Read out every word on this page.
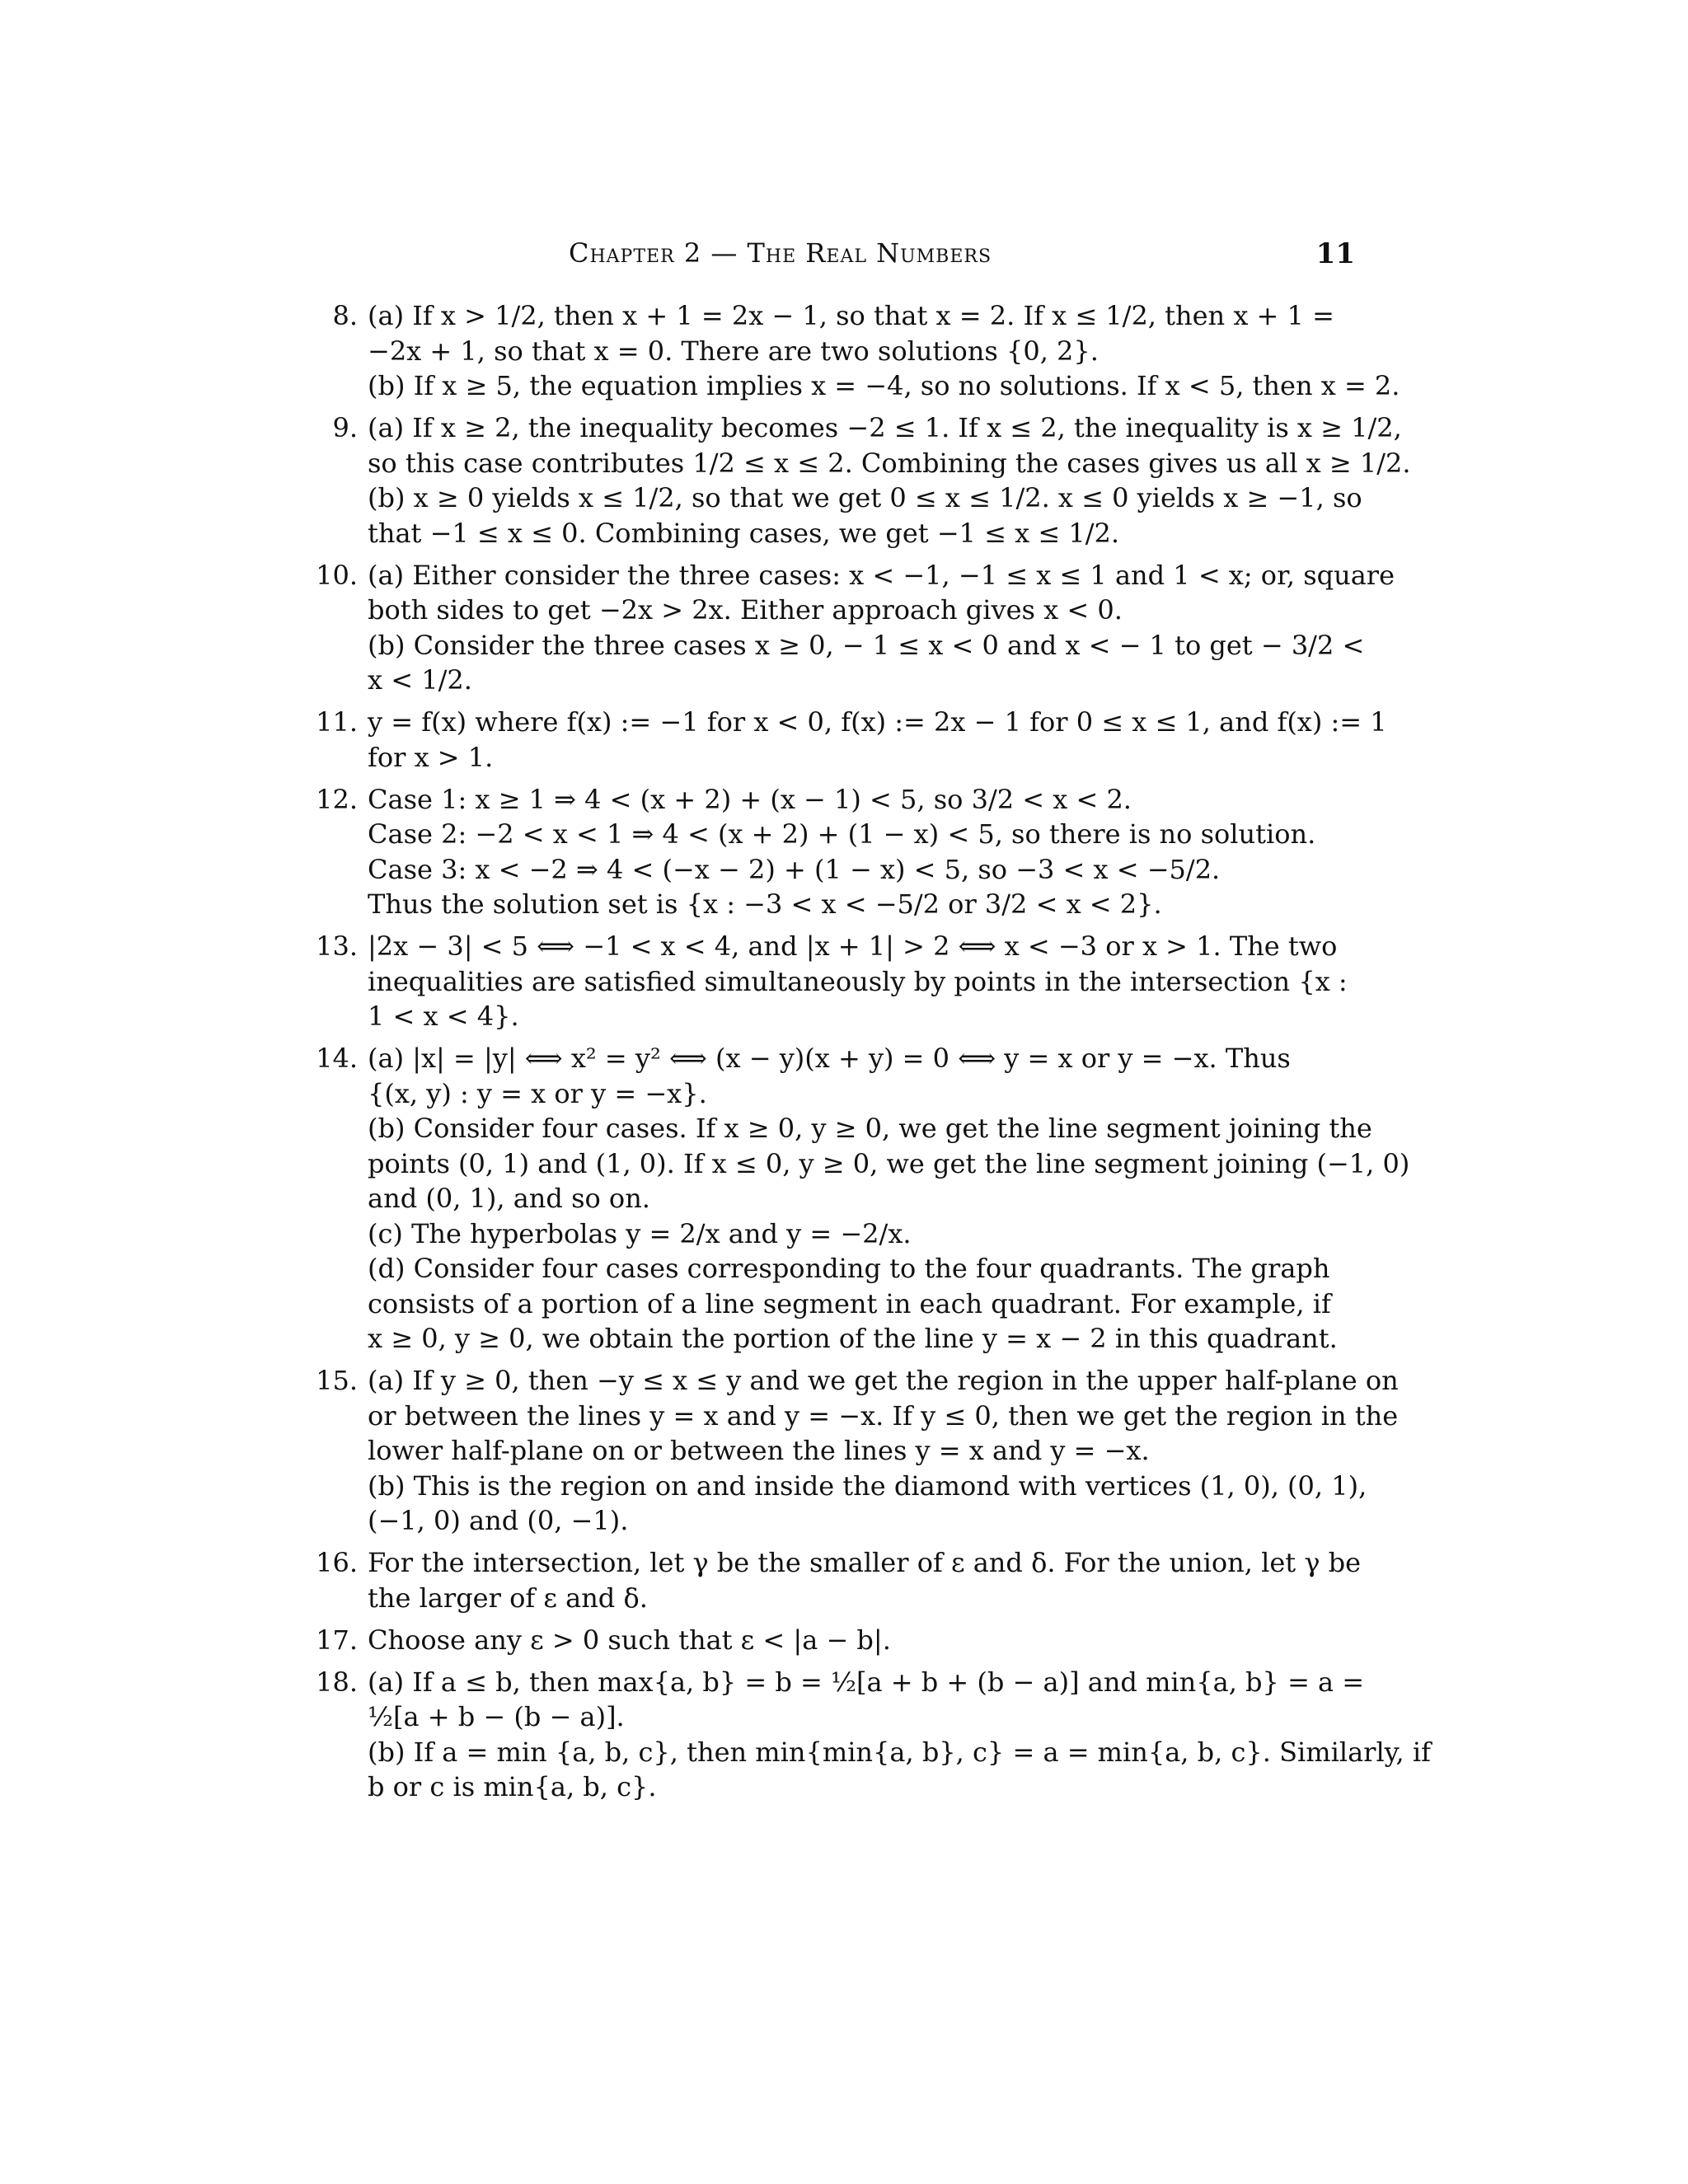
Chapter 2 — The Real Numbers	11
8. (a) If x > 1/2, then x + 1 = 2x − 1, so that x = 2. If x ≤ 1/2, then x + 1 =
−2x + 1, so that x = 0. There are two solutions {0, 2}.
(b) If x ≥ 5, the equation implies x = −4, so no solutions. If x < 5, then x = 2.
9. (a) If x ≥ 2, the inequality becomes −2 ≤ 1. If x ≤ 2, the inequality is x ≥ 1/2,
so this case contributes 1/2 ≤ x ≤ 2. Combining the cases gives us all x ≥ 1/2.
(b) x ≥ 0 yields x ≤ 1/2, so that we get 0 ≤ x ≤ 1/2. x ≤ 0 yields x ≥ −1, so
that −1 ≤ x ≤ 0. Combining cases, we get −1 ≤ x ≤ 1/2.
10. (a) Either consider the three cases: x < −1, −1 ≤ x ≤ 1 and 1 < x; or, square
both sides to get −2x > 2x. Either approach gives x < 0.
(b) Consider the three cases x ≥ 0, − 1 ≤ x < 0 and x < − 1 to get − 3/2 <
x < 1/2.
11. y = f(x) where f(x) := −1 for x < 0, f(x) := 2x − 1 for 0 ≤ x ≤ 1, and f(x) := 1
for x > 1.
12. Case 1: x ≥ 1 ⇒ 4 < (x + 2) + (x − 1) < 5, so 3/2 < x < 2.
Case 2: −2 < x < 1 ⇒ 4 < (x + 2) + (1 − x) < 5, so there is no solution.
Case 3: x < −2 ⇒ 4 < (−x − 2) + (1 − x) < 5, so −3 < x < −5/2.
Thus the solution set is {x : −3 < x < −5/2 or 3/2 < x < 2}.
13. |2x − 3| < 5 ⟺ −1 < x < 4, and |x + 1| > 2 ⟺ x < −3 or x > 1. The two
inequalities are satisfied simultaneously by points in the intersection {x :
1 < x < 4}.
14. (a) |x| = |y| ⟺ x² = y² ⟺ (x − y)(x + y) = 0 ⟺ y = x or y = −x. Thus
{(x, y) : y = x or y = −x}.
(b) Consider four cases. If x ≥ 0, y ≥ 0, we get the line segment joining the
points (0, 1) and (1, 0). If x ≤ 0, y ≥ 0, we get the line segment joining (−1, 0)
and (0, 1), and so on.
(c) The hyperbolas y = 2/x and y = −2/x.
(d) Consider four cases corresponding to the four quadrants. The graph
consists of a portion of a line segment in each quadrant. For example, if
x ≥ 0, y ≥ 0, we obtain the portion of the line y = x − 2 in this quadrant.
15. (a) If y ≥ 0, then −y ≤ x ≤ y and we get the region in the upper half-plane on
or between the lines y = x and y = −x. If y ≤ 0, then we get the region in the
lower half-plane on or between the lines y = x and y = −x.
(b) This is the region on and inside the diamond with vertices (1, 0), (0, 1),
(−1, 0) and (0, −1).
16. For the intersection, let γ be the smaller of ε and δ. For the union, let γ be
the larger of ε and δ.
17. Choose any ε > 0 such that ε < |a − b|.
18. (a) If a ≤ b, then max{a, b} = b = ½[a + b + (b − a)] and min{a, b} = a =
½[a + b − (b − a)].
(b) If a = min {a, b, c}, then min{min{a, b}, c} = a = min{a, b, c}. Similarly, if
b or c is min{a, b, c}.
